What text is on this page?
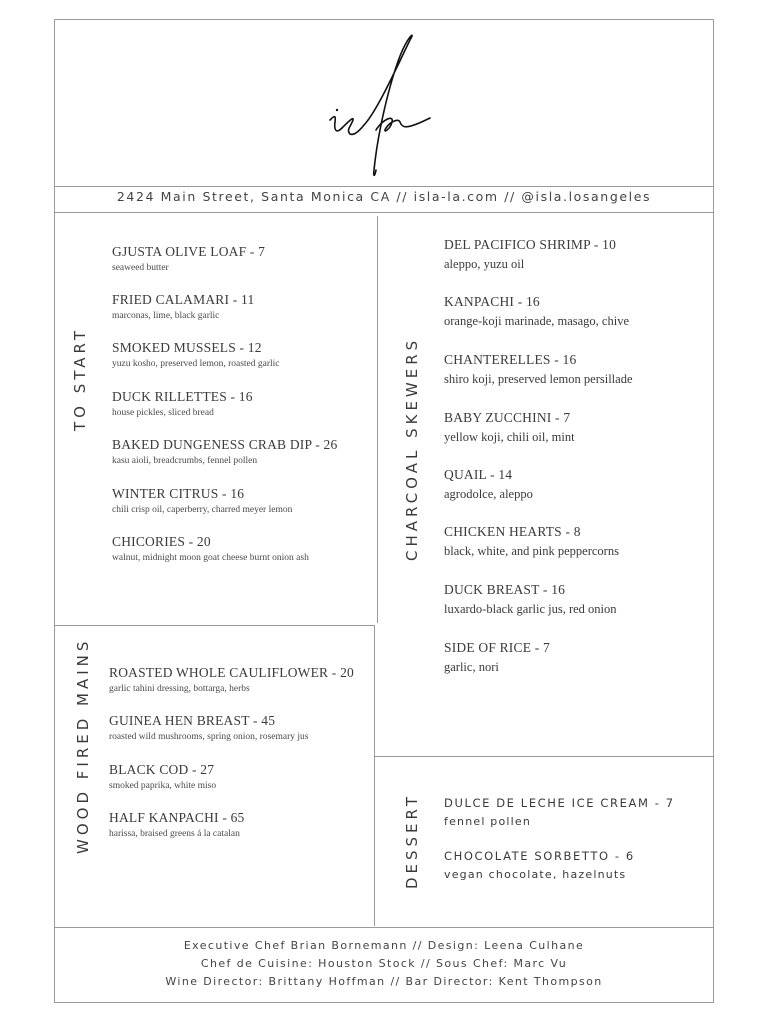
2424 Main Street, Santa Monica CA // isla-la.com // @isla.losangeles
TO START
WOOD FIRED MAINS
CHARCOAL SKEWERS
DESSERT
GJUSTA OLIVE LOAF - 7
seaweed butter
FRIED CALAMARI - 11
marconas, lime, black garlic
SMOKED MUSSELS - 12
yuzu kosho, preserved lemon, roasted garlic
DUCK RILLETTES - 16
house pickles, sliced bread
BAKED DUNGENESS CRAB DIP - 26
kasu aioli, breadcrumbs, fennel pollen
WINTER CITRUS - 16
chili crisp oil, caperberry, charred meyer lemon
CHICORIES - 20
walnut, midnight moon goat cheese burnt onion ash
ROASTED WHOLE CAULIFLOWER - 20
garlic tahini dressing, bottarga, herbs
GUINEA HEN BREAST - 45
roasted wild mushrooms, spring onion, rosemary jus
BLACK COD - 27
smoked paprika, white miso
HALF KANPACHI - 65
harissa, braised greens á la catalan
DEL PACIFICO SHRIMP - 10
aleppo, yuzu oil
KANPACHI - 16
orange-koji marinade, masago, chive
CHANTERELLES - 16
shiro koji, preserved lemon persillade
BABY ZUCCHINI - 7
yellow koji, chili oil, mint
QUAIL - 14
agrodolce, aleppo
CHICKEN HEARTS - 8
black, white, and pink peppercorns
DUCK BREAST - 16
luxardo-black garlic jus, red onion
SIDE OF RICE - 7
garlic, nori
DULCE DE LECHE ICE CREAM - 7
fennel pollen
CHOCOLATE SORBETTO - 6
vegan chocolate, hazelnuts
Executive Chef Brian Bornemann // Design: Leena Culhane
Chef de Cuisine: Houston Stock // Sous Chef: Marc Vu
Wine Director: Brittany Hoffman // Bar Director: Kent Thompson
